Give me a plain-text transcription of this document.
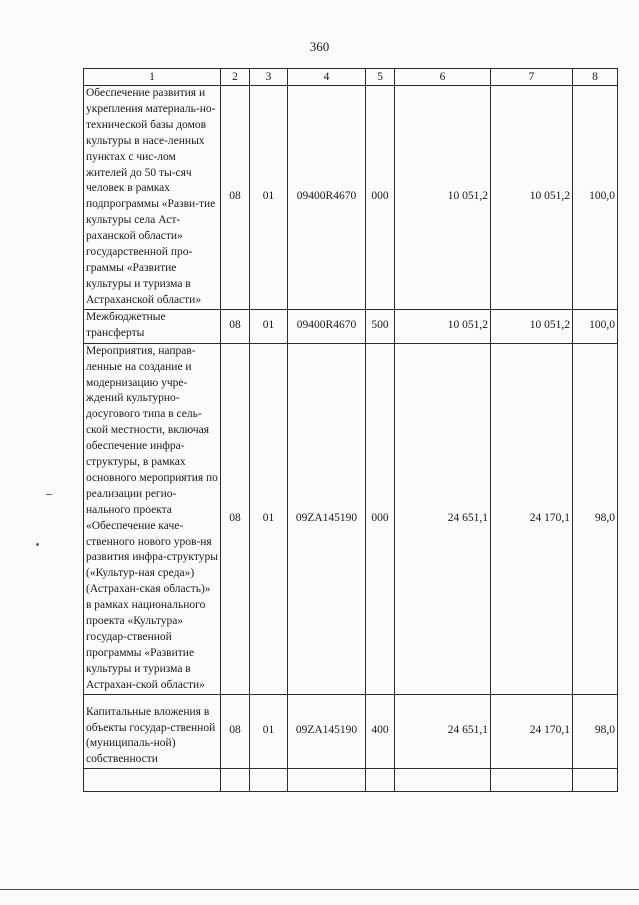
360
1	2	3	4	5	6	7	8
Обеспечение развития и укрепления материаль-но-технической базы домов культуры в насе-ленных пунктах с чис-лом жителей до 50 ты-сяч человек в рамках подпрограммы «Разви-тие культуры села Аст-раханской области» государственной про-граммы «Развитие культуры и туризма в Астраханской области»	08	01	09400R4670	000	10 051,2	10 051,2	100,0
Межбюджетные трансферты	08	01	09400R4670	500	10 051,2	10 051,2	100,0
Мероприятия, направ-ленные на создание и модернизацию учре-ждений культурно-досугового типа в сель-ской местности, включая обеспечение инфра-структуры, в рамках основного мероприятия по реализации регио-нального проекта «Обеспечение каче-ственного нового уров-ня развития инфра-структуры («Культур-ная среда») (Астрахан-ская область)» в рамках национального проекта «Культура» государ-ственной программы «Развитие культуры и туризма в Астрахан-ской области»	08	01	09ZA145190	000	24 651,1	24 170,1	98,0
Капитальные вложения в объекты государ-ственной (муниципаль-ной) собственности	08	01	09ZA145190	400	24 651,1	24 170,1	98,0
